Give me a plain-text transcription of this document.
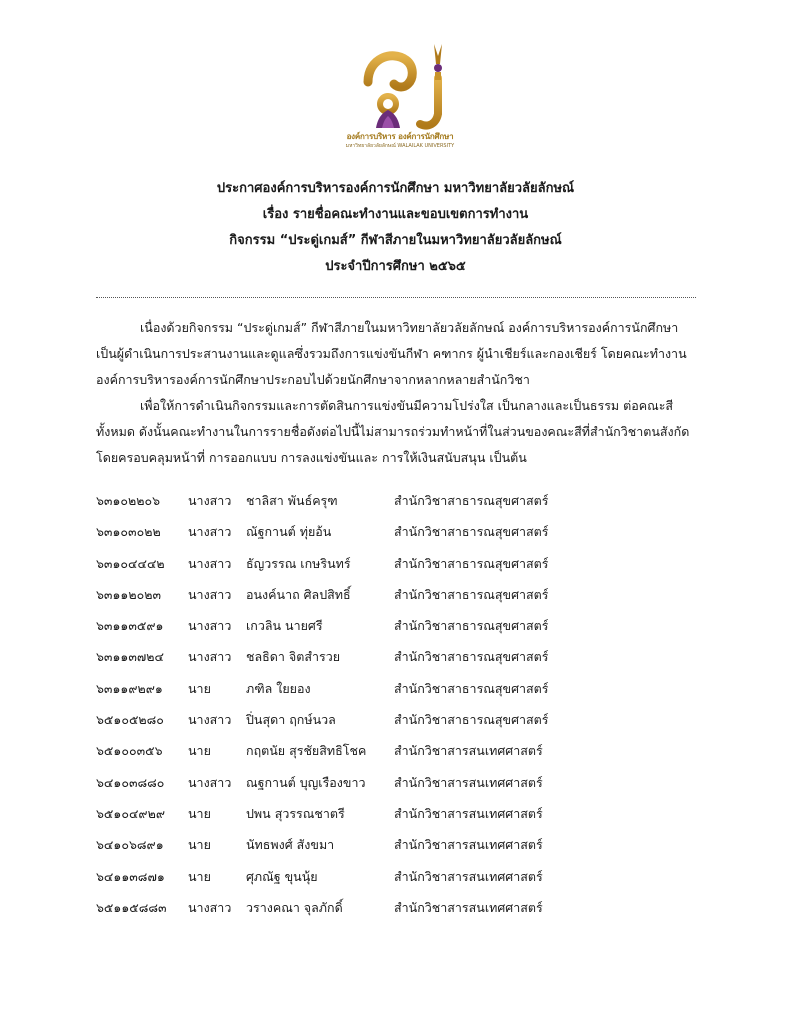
องค์การบริหาร องค์การนักศึกษา
มหาวิทยาลัยวลัยลักษณ์ WALAILAK UNIVERSITY
ประกาศองค์การบริหารองค์การนักศึกษา มหาวิทยาลัยวลัยลักษณ์
เรื่อง รายชื่อคณะทำงานและขอบเขตการทำงาน
กิจกรรม “ประดู่เกมส์” กีฬาสีภายในมหาวิทยาลัยวลัยลักษณ์
ประจำปีการศึกษา ๒๕๖๕
เนื่องด้วยกิจกรรม “ประดู่เกมส์” กีฬาสีภายในมหาวิทยาลัยวลัยลักษณ์ องค์การบริหารองค์การนักศึกษา
เป็นผู้ดำเนินการประสานงานและดูแลซึ่งรวมถึงการแข่งขันกีฬา คฑากร ผู้นำเชียร์และกองเชียร์ โดยคณะทำงาน
องค์การบริหารองค์การนักศึกษาประกอบไปด้วยนักศึกษาจากหลากหลายสำนักวิชา
เพื่อให้การดำเนินกิจกรรมและการตัดสินการแข่งขันมีความโปร่งใส เป็นกลางและเป็นธรรม ต่อคณะสี
ทั้งหมด ดังนั้นคณะทำงานในการรายชื่อดังต่อไปนี้ไม่สามารถร่วมทำหน้าที่ในส่วนของคณะสีที่สำนักวิชาตนสังกัด
โดยครอบคลุมหน้าที่ การออกแบบ การลงแข่งขันและ การให้เงินสนับสนุน เป็นต้น
๖๓๑๐๒๒๐๖ นางสาว ชาลิสา พันธ์ครุฑ	สำนักวิชาสาธารณสุขศาสตร์
๖๓๑๐๓๐๒๒ นางสาว ณัฐกานต์ ทุ่ยอ้น	สำนักวิชาสาธารณสุขศาสตร์
๖๓๑๐๔๔๔๒ นางสาว ธัญวรรณ เกษรินทร์	สำนักวิชาสาธารณสุขศาสตร์
๖๓๑๑๒๐๒๓ นางสาว อนงค์นาถ ศิลปสิทธิ์	สำนักวิชาสาธารณสุขศาสตร์
๖๓๑๑๓๕๙๑ นางสาว เกวลิน นายศรี	สำนักวิชาสาธารณสุขศาสตร์
๖๓๑๑๓๗๒๔ นางสาว ชลธิดา จิตสำรวย	สำนักวิชาสาธารณสุขศาสตร์
๖๓๑๑๙๒๙๑ นาย	ภฑิล ใยยอง	สำนักวิชาสาธารณสุขศาสตร์
๖๕๑๐๕๒๘๐ นางสาว ปิ่นสุดา ฤกษ์นวล	สำนักวิชาสาธารณสุขศาสตร์
๖๕๑๐๐๓๕๖ นาย	กฤตนัย สุรชัยสิทธิโชค สำนักวิชาสารสนเทศศาสตร์
๖๔๑๐๓๘๘๐ นางสาว ณฐกานต์ บุญเรืองขาว สำนักวิชาสารสนเทศศาสตร์
๖๕๑๐๔๙๒๙ นาย	ปพน สุวรรณชาตรี	สำนักวิชาสารสนเทศศาสตร์
๖๔๑๐๖๘๙๑ นาย	นัทธพงศ์ สังขมา	สำนักวิชาสารสนเทศศาสตร์
๖๔๑๑๓๘๗๑ นาย	ศุภณัฐ ขุนนุ้ย	สำนักวิชาสารสนเทศศาสตร์
๖๕๑๑๕๘๘๓ นางสาว วรางคณา จุลภักดิ์	สำนักวิชาสารสนเทศศาสตร์
